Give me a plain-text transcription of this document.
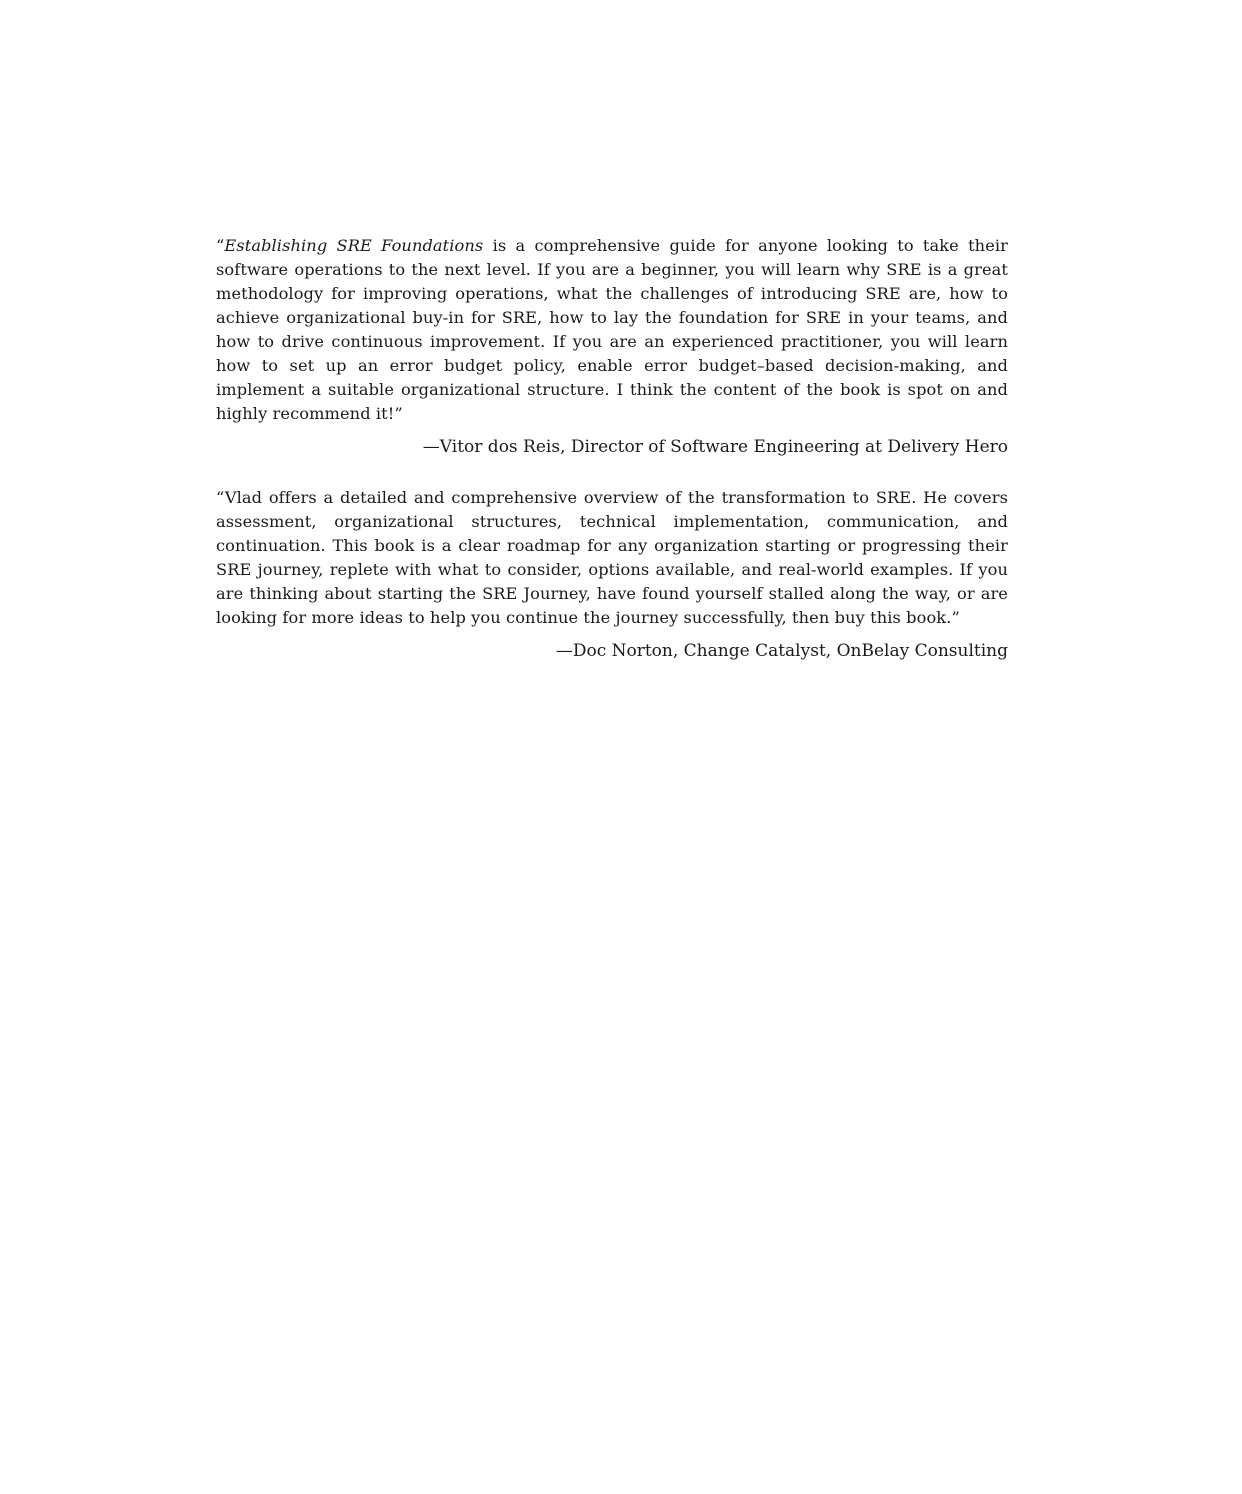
“Establishing SRE Foundations is a comprehensive guide for anyone looking to take their software operations to the next level. If you are a beginner, you will learn why SRE is a great methodology for improving operations, what the challenges of introducing SRE are, how to achieve organizational buy-in for SRE, how to lay the foundation for SRE in your teams, and how to drive continuous improvement. If you are an experienced practitioner, you will learn how to set up an error budget policy, enable error budget–based decision-making, and implement a suitable organizational structure. I think the content of the book is spot on and highly recommend it!”

—Vitor dos Reis, Director of Software Engineering at Delivery Hero

“Vlad offers a detailed and comprehensive overview of the transformation to SRE. He covers assessment, organizational structures, technical implementation, communication, and continuation. This book is a clear roadmap for any organization starting or progressing their SRE journey, replete with what to consider, options available, and real-world examples. If you are thinking about starting the SRE Journey, have found yourself stalled along the way, or are looking for more ideas to help you continue the journey successfully, then buy this book.”

—Doc Norton, Change Catalyst, OnBelay Consulting
